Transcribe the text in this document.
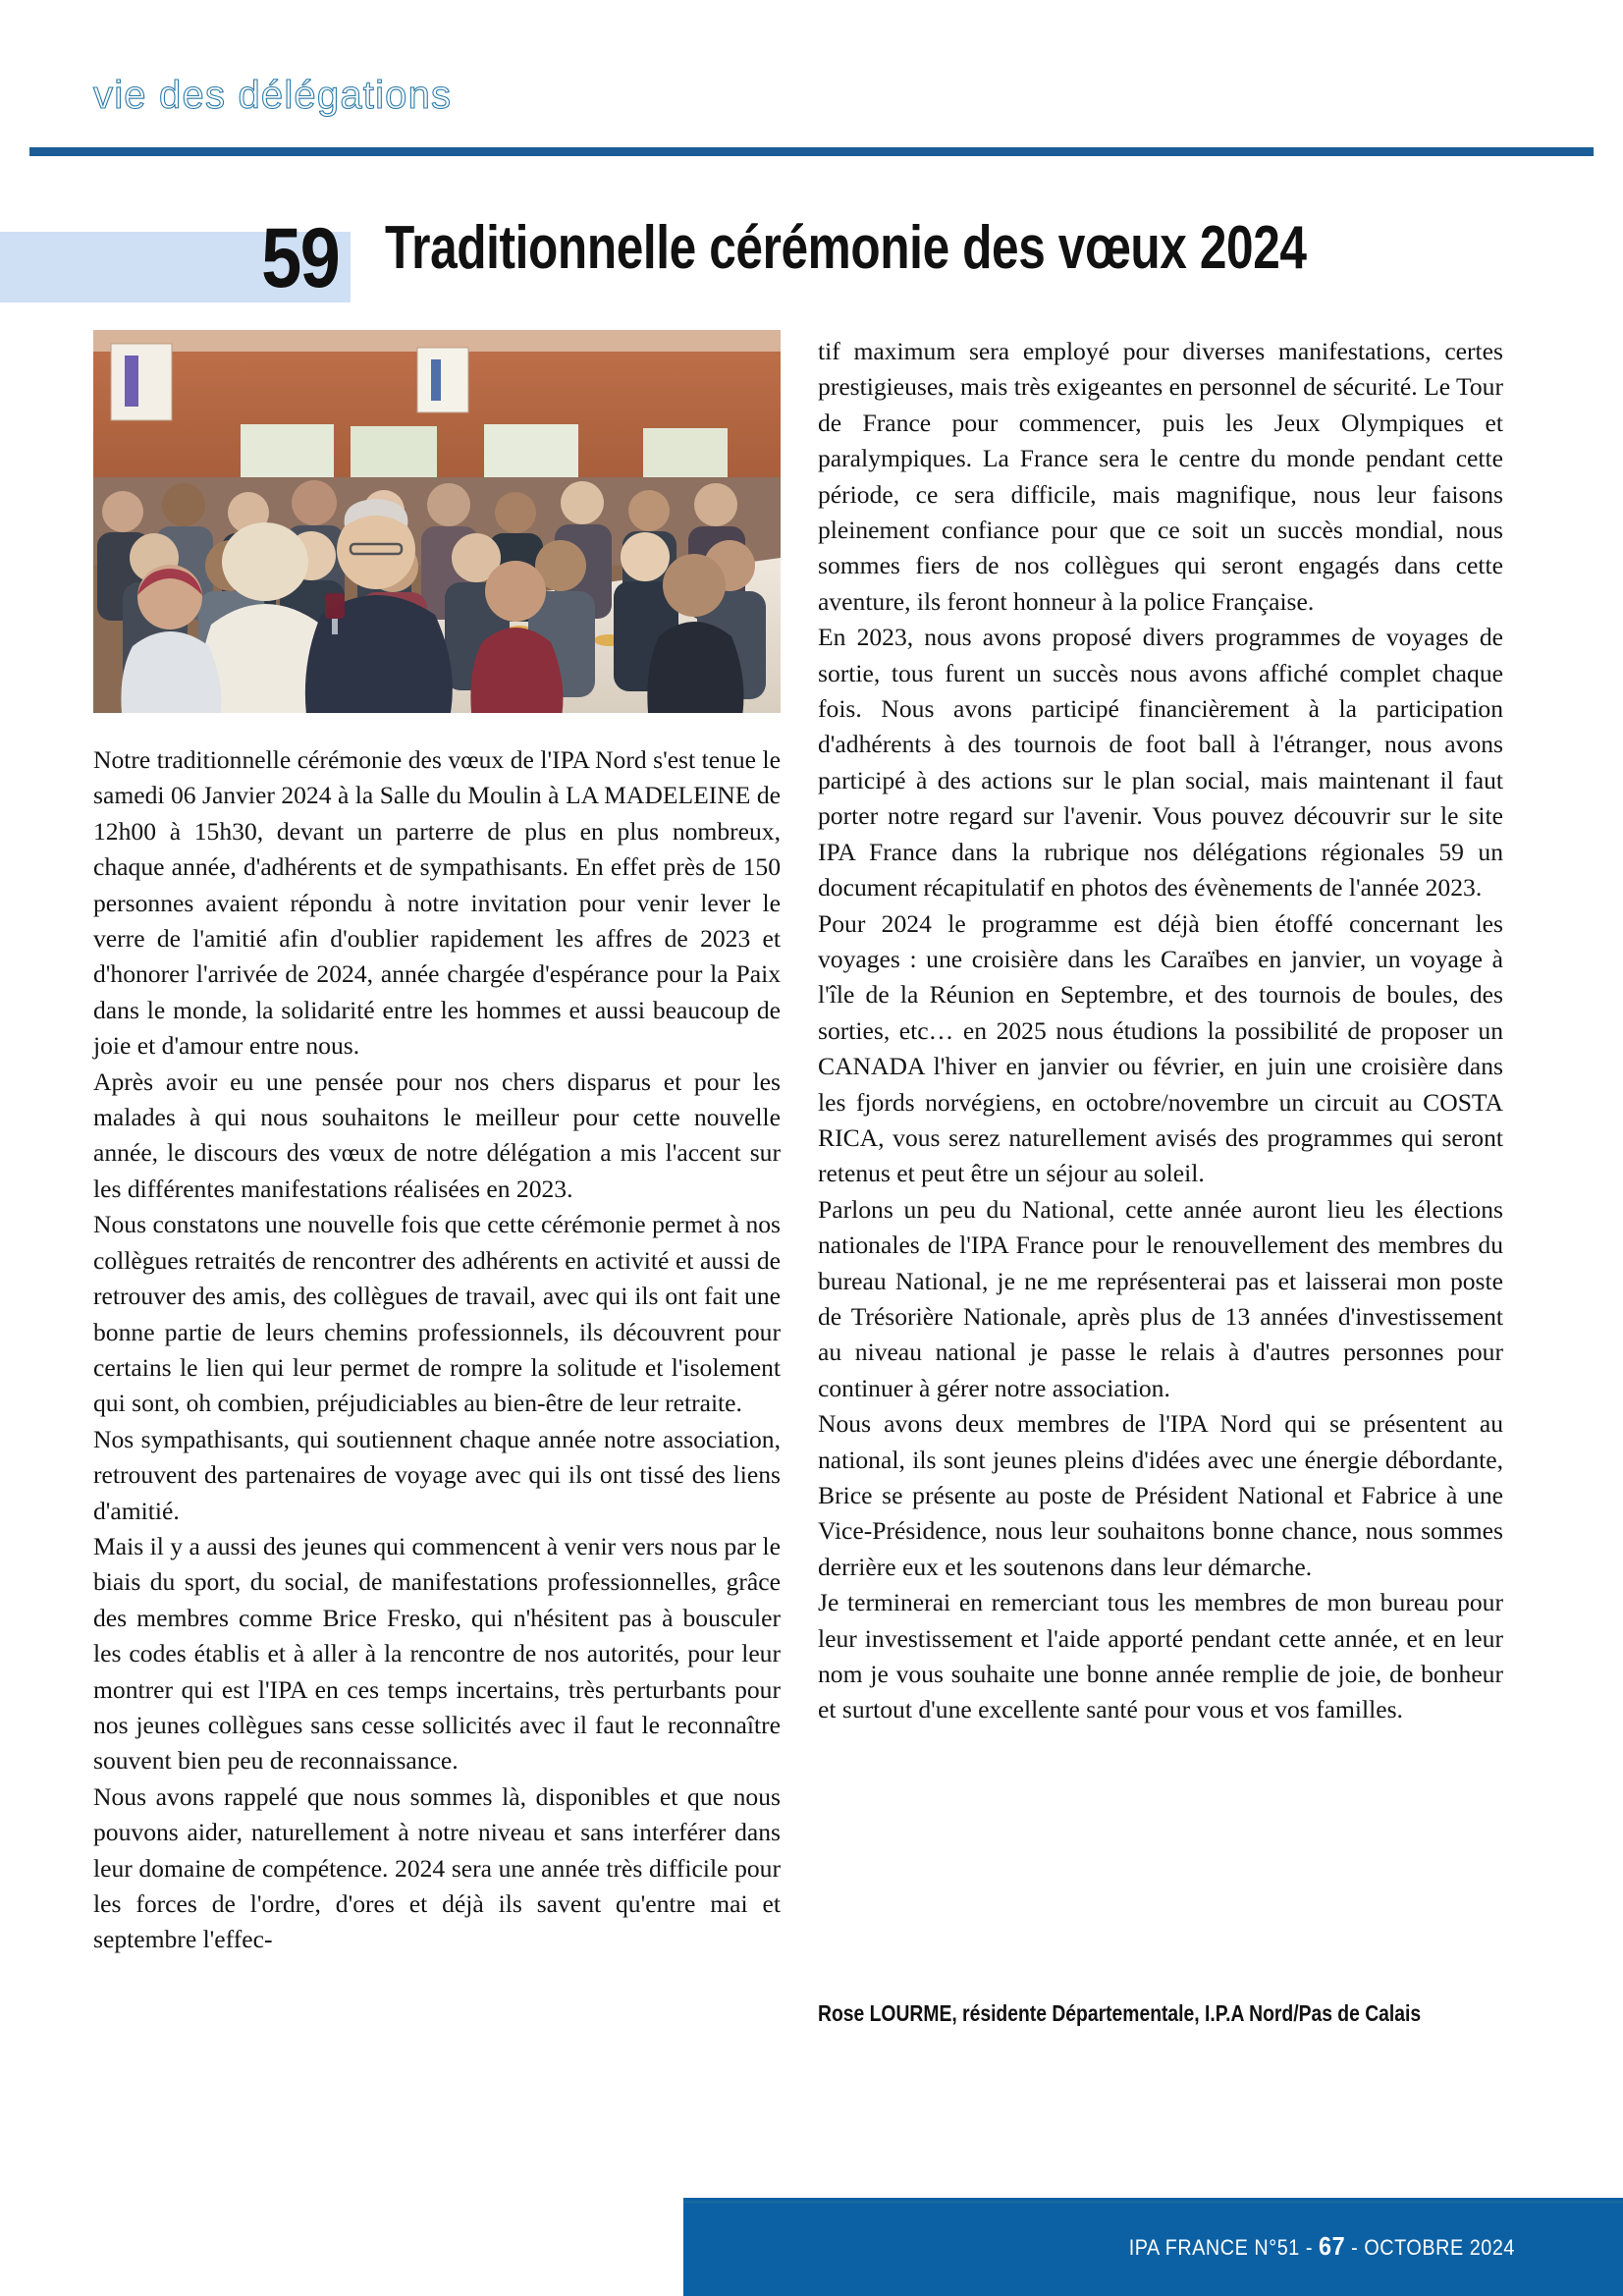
vie des délégations
59 Traditionnelle cérémonie des vœux 2024

Notre traditionnelle cérémonie des vœux de l'IPA Nord s'est tenue le samedi 06 Janvier 2024 à la Salle du Moulin à LA MADELEINE de 12h00 à 15h30, devant un parterre de plus en plus nombreux, chaque année, d'adhérents et de sympathisants. En effet près de 150 personnes avaient répondu à notre invitation pour venir lever le verre de l'amitié afin d'oublier rapidement les affres de 2023 et d'honorer l'arrivée de 2024, année chargée d'espérance pour la Paix dans le monde, la solidarité entre les hommes et aussi beaucoup de joie et d'amour entre nous.

Après avoir eu une pensée pour nos chers disparus et pour les malades à qui nous souhaitons le meilleur pour cette nouvelle année, le discours des vœux de notre délégation a mis l'accent sur les différentes manifestations réalisées en 2023.

Nous constatons une nouvelle fois que cette cérémonie permet à nos collègues retraités de rencontrer des adhérents en activité et aussi de retrouver des amis, des collègues de travail, avec qui ils ont fait une bonne partie de leurs chemins professionnels, ils découvrent pour certains le lien qui leur permet de rompre la solitude et l'isolement qui sont, oh combien, préjudiciables au bien-être de leur retraite.

Nos sympathisants, qui soutiennent chaque année notre association, retrouvent des partenaires de voyage avec qui ils ont tissé des liens d'amitié.

Mais il y a aussi des jeunes qui commencent à venir vers nous par le biais du sport, du social, de manifestations professionnelles, grâce des membres comme Brice Fresko, qui n'hésitent pas à bousculer les codes établis et à aller à la rencontre de nos autorités, pour leur montrer qui est l'IPA en ces temps incertains, très perturbants pour nos jeunes collègues sans cesse sollicités avec il faut le reconnaître souvent bien peu de reconnaissance.

Nous avons rappelé que nous sommes là, disponibles et que nous pouvons aider, naturellement à notre niveau et sans interférer dans leur domaine de compétence. 2024 sera une année très difficile pour les forces de l'ordre, d'ores et déjà ils savent qu'entre mai et septembre l'effec-

tif maximum sera employé pour diverses manifestations, certes prestigieuses, mais très exigeantes en personnel de sécurité. Le Tour de France pour commencer, puis les Jeux Olympiques et paralympiques. La France sera le centre du monde pendant cette période, ce sera difficile, mais magnifique, nous leur faisons pleinement confiance pour que ce soit un succès mondial, nous sommes fiers de nos collègues qui seront engagés dans cette aventure, ils feront honneur à la police Française.

En 2023, nous avons proposé divers programmes de voyages de sortie, tous furent un succès nous avons affiché complet chaque fois. Nous avons participé financièrement à la participation d'adhérents à des tournois de foot ball à l'étranger, nous avons participé à des actions sur le plan social, mais maintenant il faut porter notre regard sur l'avenir. Vous pouvez découvrir sur le site IPA France dans la rubrique nos délégations régionales 59 un document récapitulatif en photos des évènements de l'année 2023.

Pour 2024 le programme est déjà bien étoffé concernant les voyages : une croisière dans les Caraïbes en janvier, un voyage à l'île de la Réunion en Septembre, et des tournois de boules, des sorties, etc… en 2025 nous étudions la possibilité de proposer un CANADA l'hiver en janvier ou février, en juin une croisière dans les fjords norvégiens, en octobre/novembre un circuit au COSTA RICA, vous serez naturellement avisés des programmes qui seront retenus et peut être un séjour au soleil.

Parlons un peu du National, cette année auront lieu les élections nationales de l'IPA France pour le renouvellement des membres du bureau National, je ne me représenterai pas et laisserai mon poste de Trésorière Nationale, après plus de 13 années d'investissement au niveau national je passe le relais à d'autres personnes pour continuer à gérer notre association.

Nous avons deux membres de l'IPA Nord qui se présentent au national, ils sont jeunes pleins d'idées avec une énergie débordante, Brice se présente au poste de Président National et Fabrice à une Vice-Présidence, nous leur souhaitons bonne chance, nous sommes derrière eux et les soutenons dans leur démarche.

Je terminerai en remerciant tous les membres de mon bureau pour leur investissement et l'aide apporté pendant cette année, et en leur nom je vous souhaite une bonne année remplie de joie, de bonheur et surtout d'une excellente santé pour vous et vos familles.

Rose LOURME, résidente Départementale, I.P.A Nord/Pas de Calais
IPA FRANCE N°51 - 67 - OCTOBRE 2024
